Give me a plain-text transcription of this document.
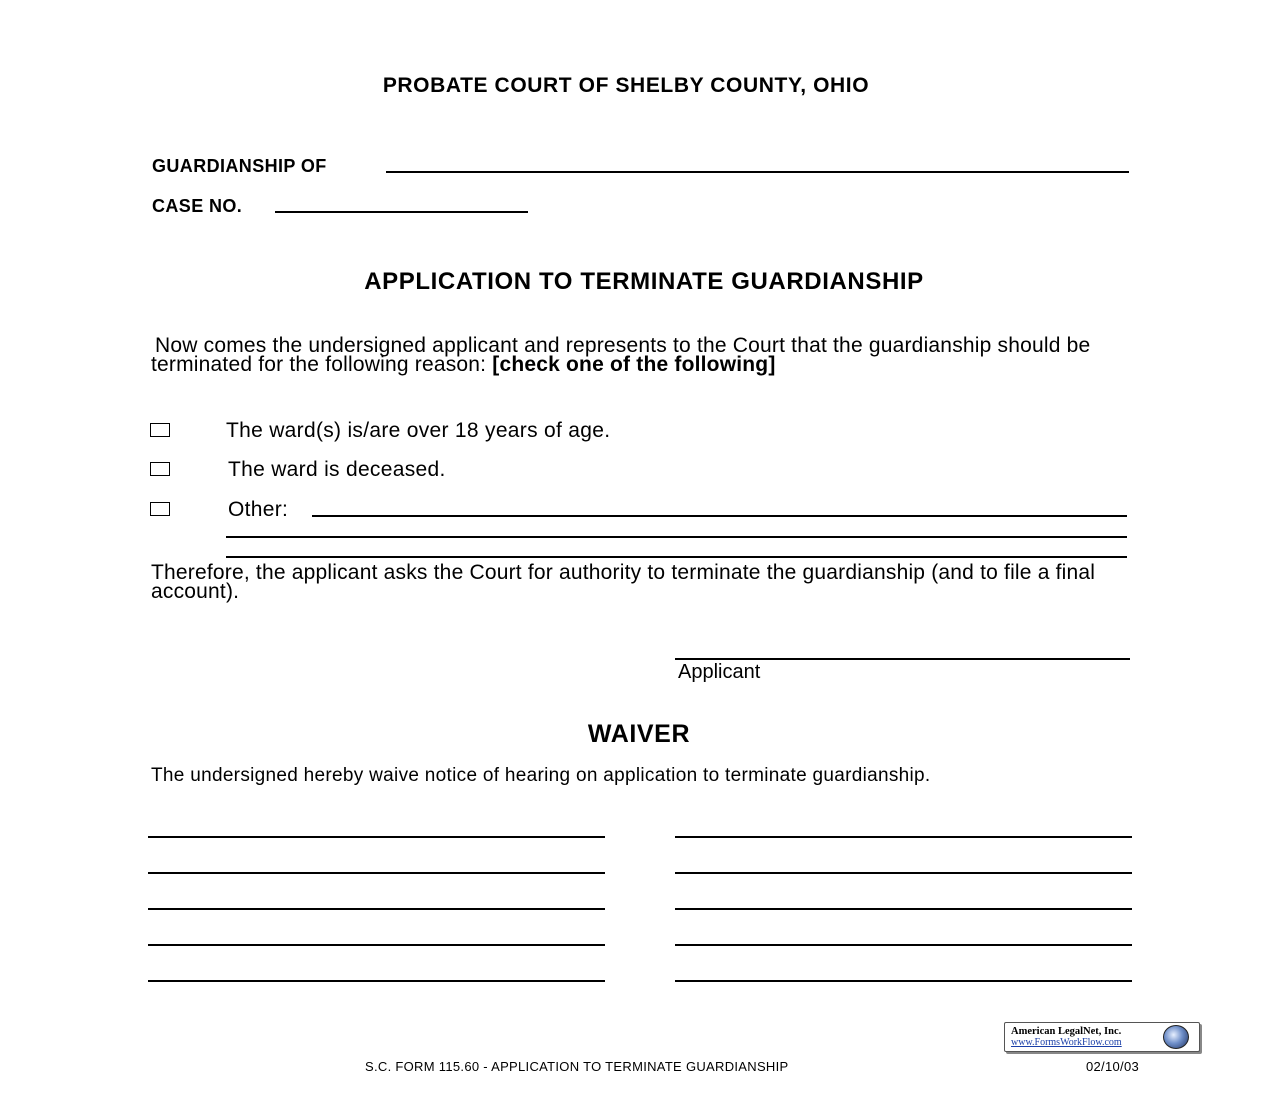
PROBATE COURT OF SHELBY COUNTY, OHIO
GUARDIANSHIP OF
CASE NO.
APPLICATION TO TERMINATE GUARDIANSHIP
Now comes the undersigned applicant and represents to the Court that the guardianship should be terminated for the following reason: [check one of the following]
The ward(s) is/are over 18 years of age.
The ward is deceased.
Other:
Therefore, the applicant asks the Court for authority to terminate the guardianship (and to file a final account).
Applicant
WAIVER
The undersigned hereby waive notice of hearing on application to terminate guardianship.
American LegalNet, Inc.
www.FormsWorkFlow.com
S.C. FORM 115.60 - APPLICATION TO TERMINATE GUARDIANSHIP	02/10/03
